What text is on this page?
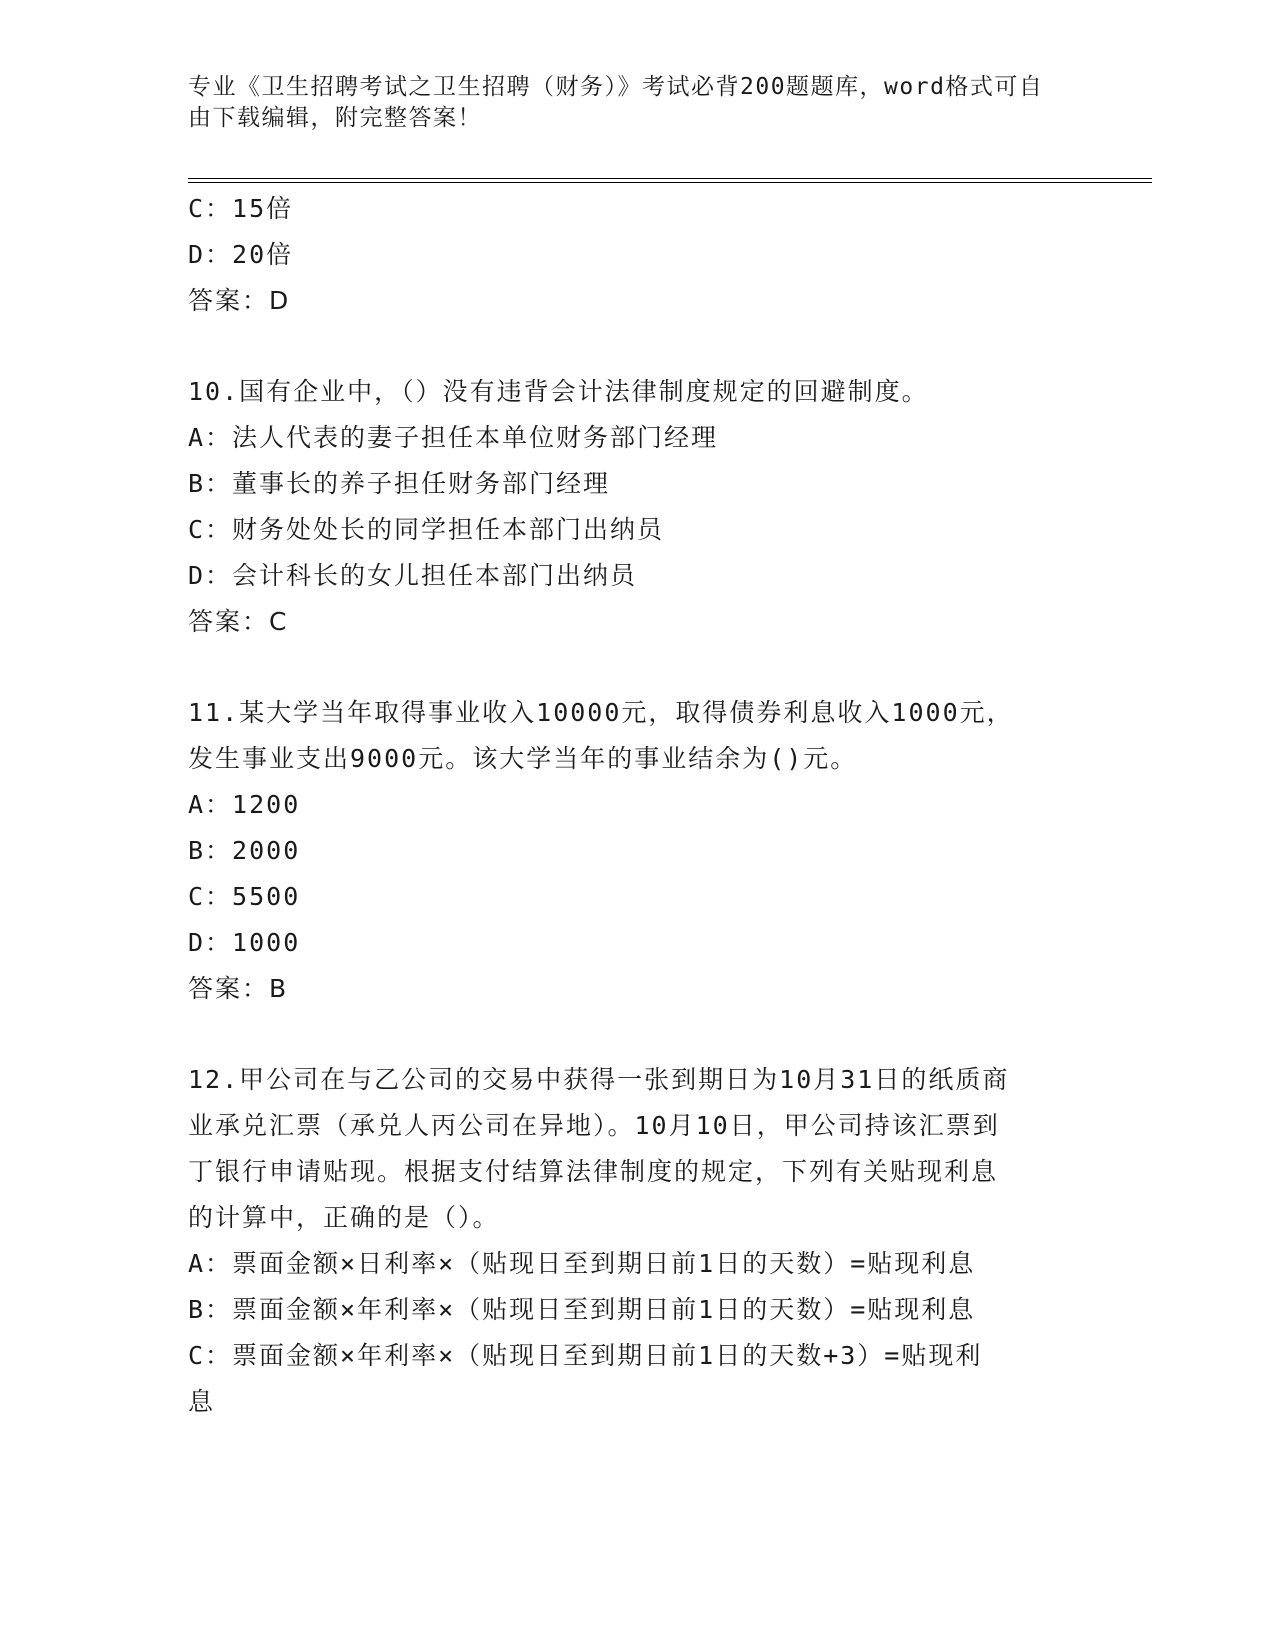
专业《卫生招聘考试之卫生招聘（财务）》考试必背200题题库，word格式可自
由下载编辑，附完整答案！
C：15倍
D：20倍
答案：D
10.国有企业中，（）没有违背会计法律制度规定的回避制度。
A：法人代表的妻子担任本单位财务部门经理
B：董事长的养子担任财务部门经理
C：财务处处长的同学担任本部门出纳员
D：会计科长的女儿担任本部门出纳员
答案：C
11.某大学当年取得事业收入10000元，取得债券利息收入1000元，
发生事业支出9000元。该大学当年的事业结余为()元。
A：1200
B：2000
C：5500
D：1000
答案：B
12.甲公司在与乙公司的交易中获得一张到期日为10月31日的纸质商
业承兑汇票（承兑人丙公司在异地）。10月10日，甲公司持该汇票到
丁银行申请贴现。根据支付结算法律制度的规定，下列有关贴现利息
的计算中，正确的是（）。
A：票面金额×日利率×（贴现日至到期日前1日的天数）=贴现利息
B：票面金额×年利率×（贴现日至到期日前1日的天数）=贴现利息
C：票面金额×年利率×（贴现日至到期日前1日的天数+3）=贴现利
息
